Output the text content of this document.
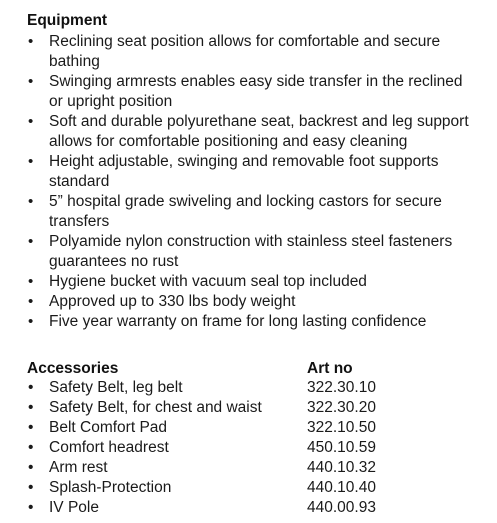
Equipment
• Reclining seat position allows for comfortable and secure bathing
• Swinging armrests enables easy side transfer in the reclined or upright position
• Soft and durable polyurethane seat, backrest and leg support allows for comfortable positioning and easy cleaning
• Height adjustable, swinging and removable foot supports standard
• 5” hospital grade swiveling and locking castors for secure transfers
• Polyamide nylon construction with stainless steel fasteners guarantees no rust
• Hygiene bucket with vacuum seal top included
• Approved up to 330 lbs body weight
• Five year warranty on frame for long lasting confidence
Accessories	Art no
• Safety Belt, leg belt	322.30.10
• Safety Belt, for chest and waist	322.30.20
• Belt Comfort Pad	322.10.50
• Comfort headrest	450.10.59
• Arm rest	440.10.32
• Splash-Protection	440.10.40
• IV Pole	440.00.93
